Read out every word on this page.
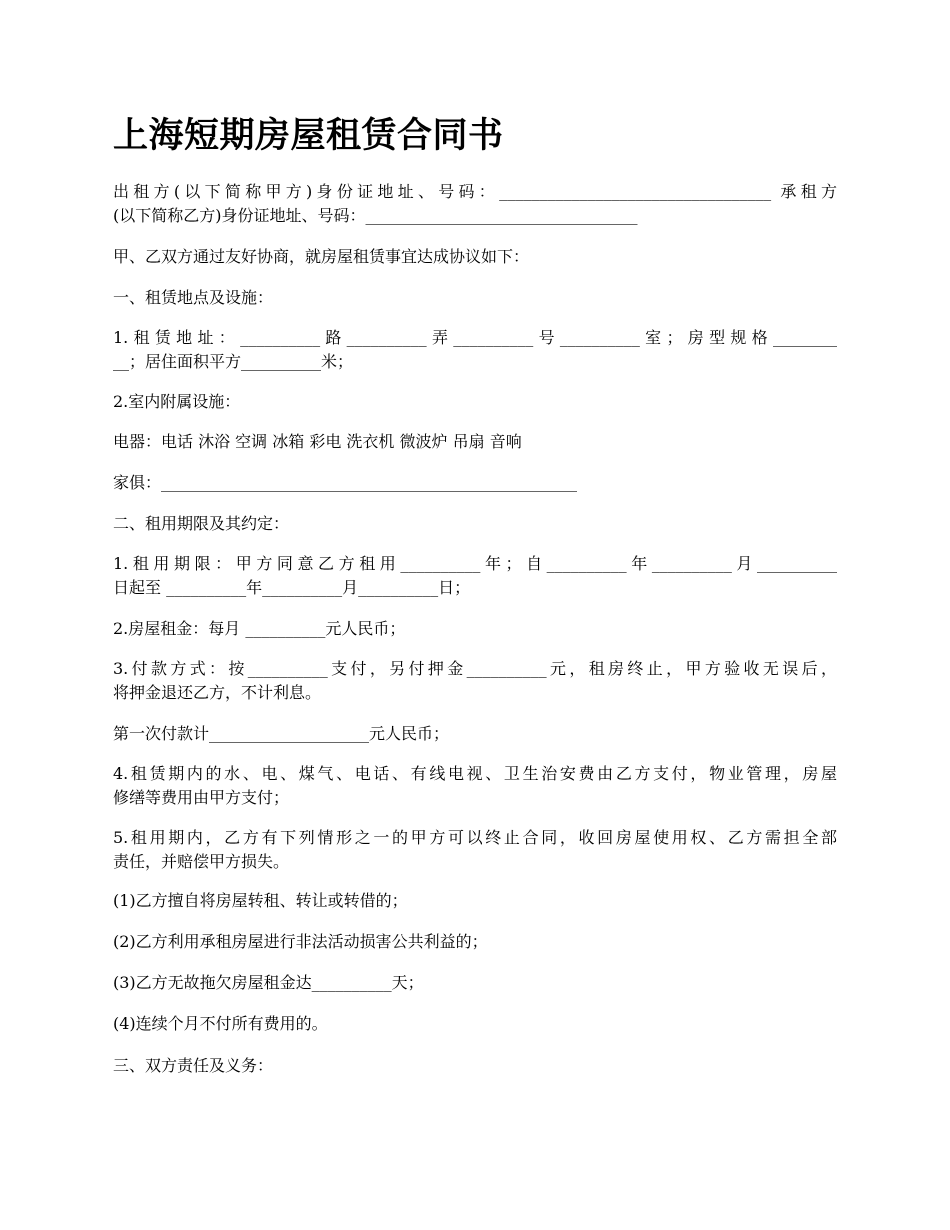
上海短期房屋租赁合同书

出租方(以下简称甲方)身份证地址、号码：__________________________________ 承租方

(以下简称乙方)身份证地址、号码：__________________________________

甲、乙双方通过友好协商，就房屋租赁事宜达成协议如下：

一、租赁地点及设施：

1.租赁地址：__________路__________弄__________号__________室；房型规格________

__；居住面积平方__________米；

2.室内附属设施：

电器：电话 沐浴 空调 冰箱 彩电 洗衣机 微波炉 吊扇 音响

家俱：____________________________________________________

二、租用期限及其约定：

1.租用期限：甲方同意乙方租用__________年；自__________年__________月__________

日起至 __________年__________月__________日；

2.房屋租金：每月 __________元人民币；

3.付款方式：按__________支付，另付押金__________元，租房终止，甲方验收无误后，

将押金退还乙方，不计利息。

第一次付款计____________________元人民币；

4.租赁期内的水、电、煤气、电话、有线电视、卫生治安费由乙方支付，物业管理，房屋

修缮等费用由甲方支付；

5.租用期内，乙方有下列情形之一的甲方可以终止合同，收回房屋使用权、乙方需担全部

责任，并赔偿甲方损失。

(1)乙方擅自将房屋转租、转让或转借的；

(2)乙方利用承租房屋进行非法活动损害公共利益的；

(3)乙方无故拖欠房屋租金达__________天；

(4)连续个月不付所有费用的。

三、双方责任及义务：
